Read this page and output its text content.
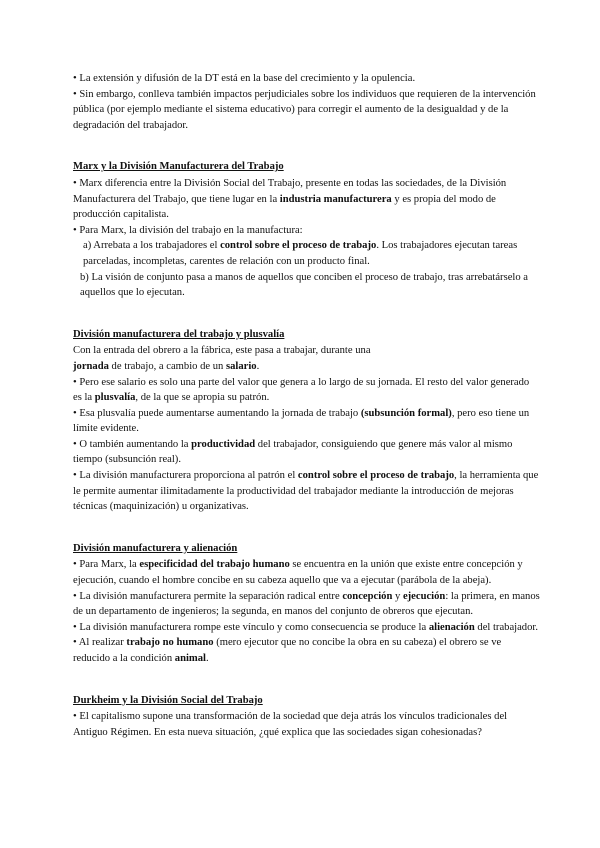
• La extensión y difusión de la DT está en la base del crecimiento y la opulencia.

• Sin embargo, conlleva también impactos perjudiciales sobre los individuos que requieren de la intervención pública (por ejemplo mediante el sistema educativo) para corregir el aumento de la desigualdad y de la degradación del trabajador.

Marx y la División Manufacturera del Trabajo

• Marx diferencia entre la División Social del Trabajo, presente en todas las sociedades, de la División Manufacturera del Trabajo, que tiene lugar en la industria manufacturera y es propia del modo de producción capitalista.

• Para Marx, la división del trabajo en la manufactura:

a) Arrebata a los trabajadores el control sobre el proceso de trabajo. Los trabajadores ejecutan tareas parceladas, incompletas, carentes de relación con un producto final.

b) La visión de conjunto pasa a manos de aquellos que conciben el proceso de trabajo, tras arrebatárselo a aquellos que lo ejecutan.

División manufacturera del trabajo y plusvalía

Con la entrada del obrero a la fábrica, este pasa a trabajar, durante una
jornada de trabajo, a cambio de un salario.

• Pero ese salario es solo una parte del valor que genera a lo largo de su jornada. El resto del valor generado es la plusvalía, de la que se apropia su patrón.

• Esa plusvalía puede aumentarse aumentando la jornada de trabajo (subsunción formal), pero eso tiene un límite evidente.

• O también aumentando la productividad del trabajador, consiguiendo que genere más valor al mismo tiempo (subsunción real).

• La división manufacturera proporciona al patrón el control sobre el proceso de trabajo, la herramienta que le permite aumentar ilimitadamente la productividad del trabajador mediante la introducción de mejoras técnicas (maquinización) u organizativas.

División manufacturera y alienación

• Para Marx, la especificidad del trabajo humano se encuentra en la unión que existe entre concepción y ejecución, cuando el hombre concibe en su cabeza aquello que va a ejecutar (parábola de la abeja).

• La división manufacturera permite la separación radical entre concepción y ejecución: la primera, en manos de un departamento de ingenieros; la segunda, en manos del conjunto de obreros que ejecutan.

• La división manufacturera rompe este vínculo y como consecuencia se produce la alienación del trabajador.

• Al realizar trabajo no humano (mero ejecutor que no concibe la obra en su cabeza) el obrero se ve reducido a la condición animal.

Durkheim y la División Social del Trabajo

• El capitalismo supone una transformación de la sociedad que deja atrás los vínculos tradicionales del Antiguo Régimen. En esta nueva situación, ¿qué explica que las sociedades sigan cohesionadas?
